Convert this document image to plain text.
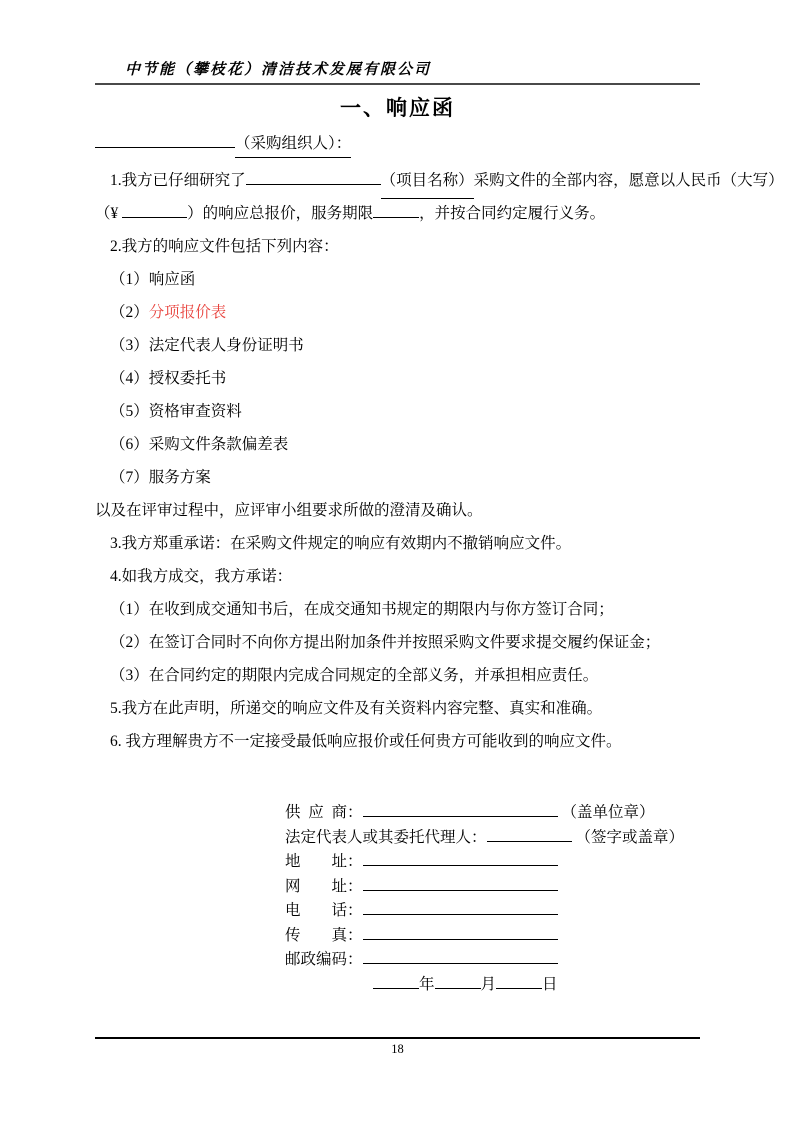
中节能（攀枝花）清洁技术发展有限公司
一、响应函
（采购组织人）：
1.我方已仔细研究了	（项目名称）采购文件的全部内容，愿意以人民币（大写）
（¥	）的响应总报价，服务期限	，并按合同约定履行义务。
2.我方的响应文件包括下列内容：
（1）响应函
（2）分项报价表
（3）法定代表人身份证明书
（4）授权委托书
（5）资格审查资料
（6）采购文件条款偏差表
（7）服务方案
以及在评审过程中，应评审小组要求所做的澄清及确认。
3.我方郑重承诺：在采购文件规定的响应有效期内不撤销响应文件。
4.如我方成交，我方承诺：
（1）在收到成交通知书后，在成交通知书规定的期限内与你方签订合同；
（2）在签订合同时不向你方提出附加条件并按照采购文件要求提交履约保证金；
（3）在合同约定的期限内完成合同规定的全部义务，并承担相应责任。
5.我方在此声明，所递交的响应文件及有关资料内容完整、真实和准确。
6. 我方理解贵方不一定接受最低响应报价或任何贵方可能收到的响应文件。
供应商：	（盖单位章）
法定代表人或其委托代理人：	（签字或盖章）
地址：
网址：
电话：
传真：
邮政编码：
年	月	日
18
